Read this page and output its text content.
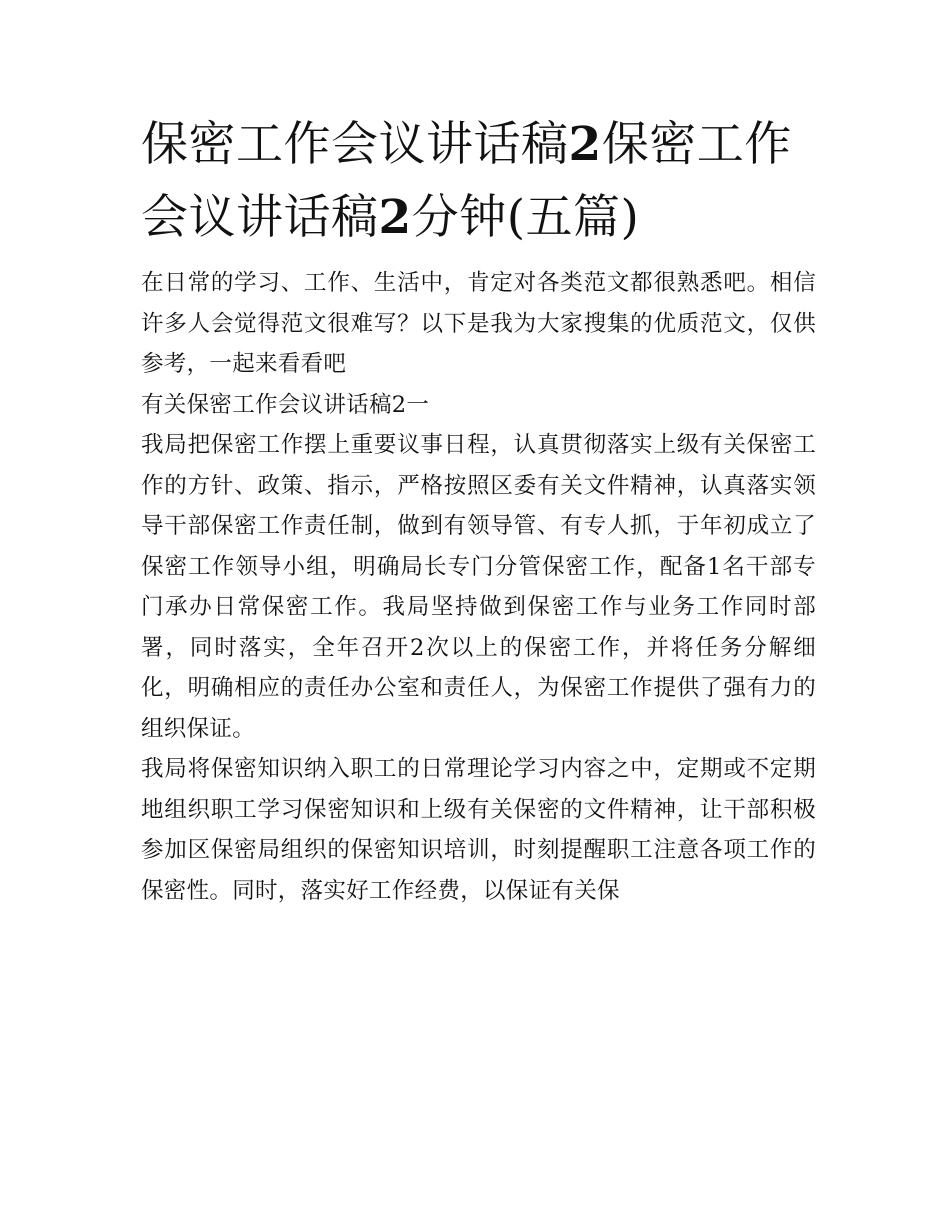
保密工作会议讲话稿2保密工作会议讲话稿2分钟(五篇)

在日常的学习、工作、生活中，肯定对各类范文都很熟悉吧。相信许多人会觉得范文很难写？以下是我为大家搜集的优质范文，仅供参考，一起来看看吧

有关保密工作会议讲话稿2一

我局把保密工作摆上重要议事日程，认真贯彻落实上级有关保密工作的方针、政策、指示，严格按照区委有关文件精神，认真落实领导干部保密工作责任制，做到有领导管、有专人抓，于年初成立了保密工作领导小组，明确局长专门分管保密工作，配备1名干部专门承办日常保密工作。我局坚持做到保密工作与业务工作同时部署，同时落实，全年召开2次以上的保密工作，并将任务分解细化，明确相应的责任办公室和责任人，为保密工作提供了强有力的组织保证。

我局将保密知识纳入职工的日常理论学习内容之中，定期或不定期地组织职工学习保密知识和上级有关保密的文件精神，让干部积极参加区保密局组织的保密知识培训，时刻提醒职工注意各项工作的保密性。同时，落实好工作经费，以保证有关保
